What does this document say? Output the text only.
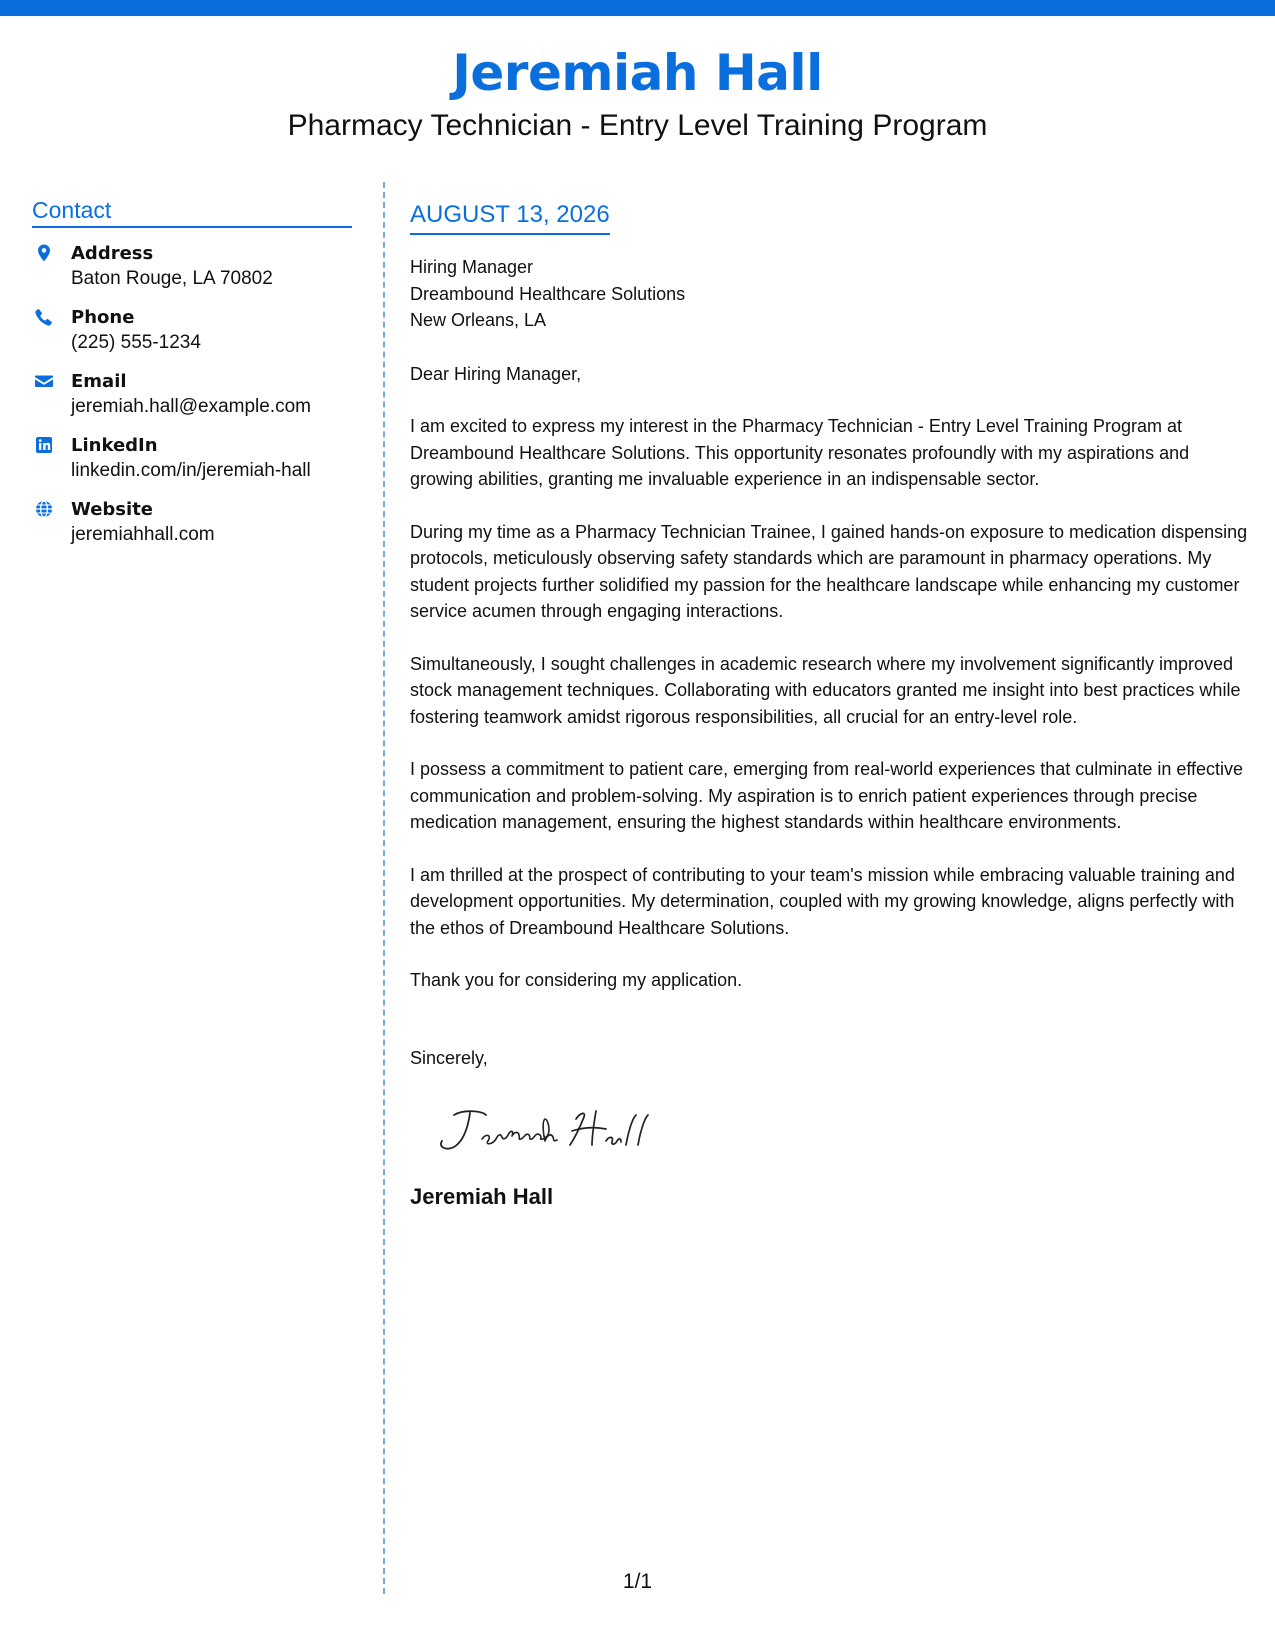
Jeremiah Hall
Pharmacy Technician - Entry Level Training Program
Contact
Address
Baton Rouge, LA 70802
Phone
(225) 555-1234
Email
jeremiah.hall@example.com
LinkedIn
linkedin.com/in/jeremiah-hall
Website
jeremiahhall.com
AUGUST 13, 2026
Hiring Manager
Dreambound Healthcare Solutions
New Orleans, LA
Dear Hiring Manager,
I am excited to express my interest in the Pharmacy Technician - Entry Level Training Program at Dreambound Healthcare Solutions. This opportunity resonates profoundly with my aspirations and growing abilities, granting me invaluable experience in an indispensable sector.
During my time as a Pharmacy Technician Trainee, I gained hands-on exposure to medication dispensing protocols, meticulously observing safety standards which are paramount in pharmacy operations. My student projects further solidified my passion for the healthcare landscape while enhancing my customer service acumen through engaging interactions.
Simultaneously, I sought challenges in academic research where my involvement significantly improved stock management techniques. Collaborating with educators granted me insight into best practices while fostering teamwork amidst rigorous responsibilities, all crucial for an entry-level role.
I possess a commitment to patient care, emerging from real-world experiences that culminate in effective communication and problem-solving. My aspiration is to enrich patient experiences through precise medication management, ensuring the highest standards within healthcare environments.
I am thrilled at the prospect of contributing to your team's mission while embracing valuable training and development opportunities. My determination, coupled with my growing knowledge, aligns perfectly with the ethos of Dreambound Healthcare Solutions.
Thank you for considering my application.
Sincerely,
Jeremiah Hall
1/1
